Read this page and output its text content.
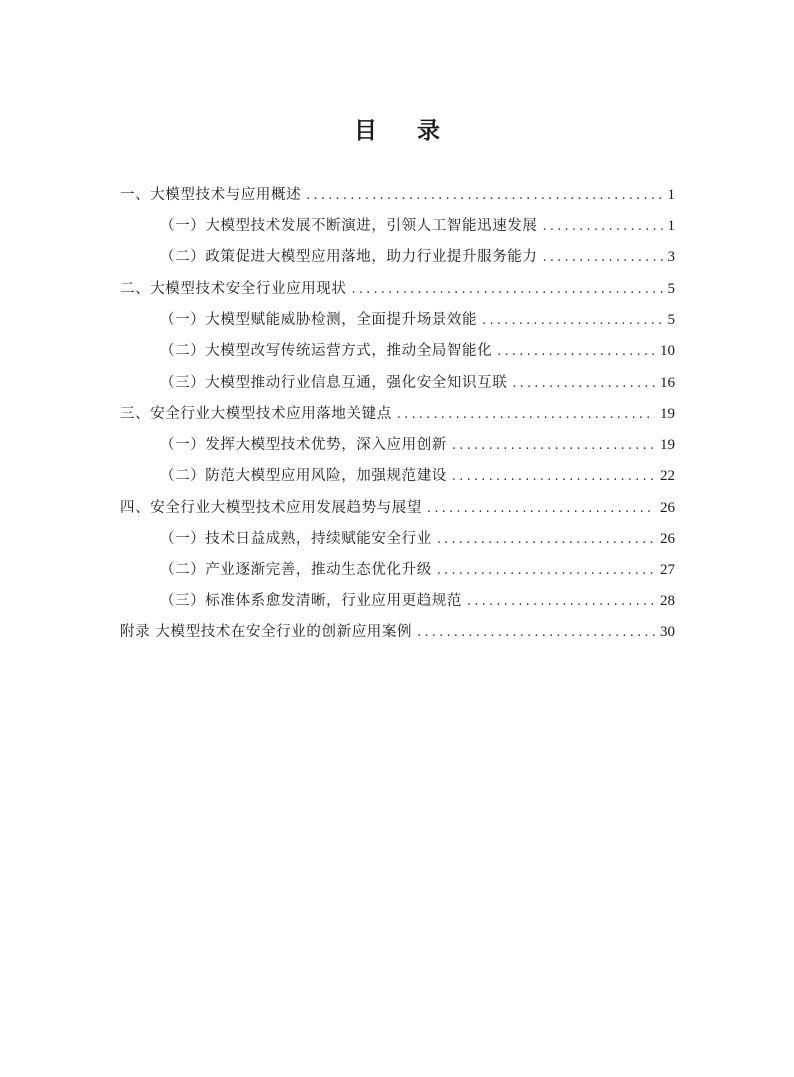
目 录
一、大模型技术与应用概述 .....	1
（一）大模型技术发展不断演进，引领人工智能迅速发展 .....	1
（二）政策促进大模型应用落地，助力行业提升服务能力 .....	3
二、大模型技术安全行业应用现状 .....	5
（一）大模型赋能威胁检测，全面提升场景效能 .....	5
（二）大模型改写传统运营方式，推动全局智能化 .....	10
（三）大模型推动行业信息互通，强化安全知识互联 .....	16
三、安全行业大模型技术应用落地关键点 .....	19
（一）发挥大模型技术优势，深入应用创新 .....	19
（二）防范大模型应用风险，加强规范建设 .....	22
四、安全行业大模型技术应用发展趋势与展望 .....	26
（一）技术日益成熟，持续赋能安全行业 .....	26
（二）产业逐渐完善，推动生态优化升级 .....	27
（三）标准体系愈发清晰，行业应用更趋规范 .....	28
附录 大模型技术在安全行业的创新应用案例 .....	30
